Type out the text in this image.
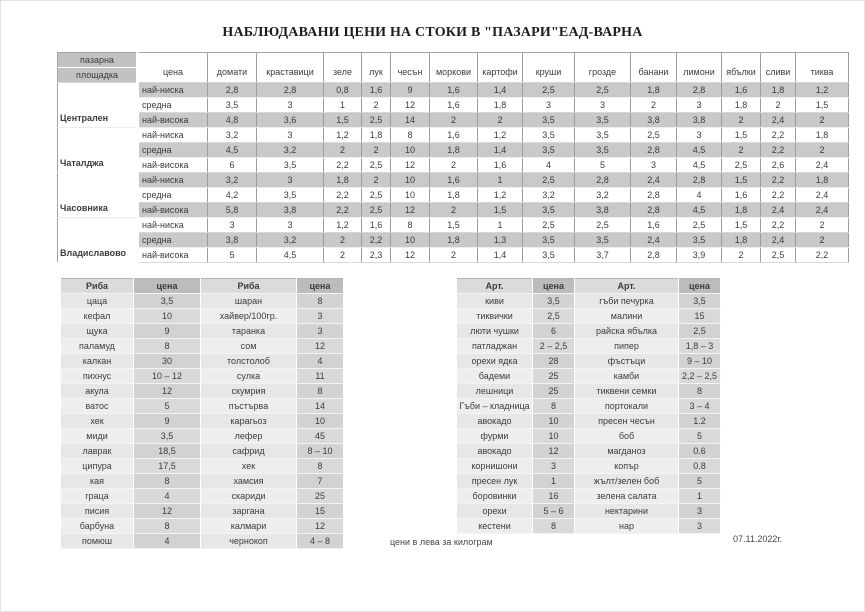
НАБЛЮДАВАНИ ЦЕНИ НА СТОКИ В "ПАЗАРИ"ЕАД-ВАРНА
пазарна	цена	домати	краставици	зеле	лук	чесън	моркови	картофи	круши	грозде	банани	лимони	ябълки	сливи	тиква
площадка															
Централен	най-ниска	2,8	2,8	0,8	1,6	9	1,6	1,4	2,5	2,5	1,8	2,8	1,6	1,8	1,2
	средна	3,5	3	1	2	12	1,6	1,8	3	3	2	3	1,8	2	1,5
	най-висока	4,8	3,6	1,5	2,5	14	2	2	3,5	3,5	3,8	3,8	2	2,4	2
Чаталджа	най-ниска	3,2	3	1,2	1,8	8	1,6	1,2	3,5	3,5	2,5	3	1,5	2,2	1,8
	средна	4,5	3,2	2	2	10	1,8	1,4	3,5	3,5	2,8	4,5	2	2,2	2
	най-висока	6	3,5	2,2	2,5	12	2	1,6	4	5	3	4,5	2,5	2,6	2,4
Часовника	най-ниска	3,2	3	1,8	2	10	1,6	1	2,5	2,8	2,4	2,8	1,5	2,2	1,8
	средна	4,2	3,5	2,2	2,5	10	1,8	1,2	3,2	3,2	2,8	4	1,6	2,2	2,4
	най-висока	5,8	3,8	2,2	2,5	12	2	1,5	3,5	3,8	2,8	4,5	1,8	2,4	2,4
Владиславово	най-ниска	3	3	1,2	1,6	8	1,5	1	2,5	2,5	1,6	2,5	1,5	2,2	2
	средна	3,8	3,2	2	2,2	10	1,8	1,3	3,5	3,5	2,4	3,5	1,8	2,4	2
	най-висока	5	4,5	2	2,3	12	2	1,4	3,5	3,7	2,8	3,9	2	2,5	2,2
Риба	цена	Риба	цена
цаца	3,5	шаран	8
кефал	10	хайвер/100гр.	3
щука	9	таранка	3
паламуд	8	сом	12
калкан	30	толстолоб	4
пихнус	10 – 12	сулка	11
акула	12	скумрия	8
ватос	5	пъстърва	14
хек	9	карагьоз	10
миди	3,5	лефер	45
лаврак	18,5	сафрид	8 – 10
ципура	17,5	хек	8
кая	8	хамсия	7
граца	4	скариди	25
писия	12	заргана	15
барбуна	8	калмари	12
помюш	4	чернокоп	4 – 8
Арт.	цена	Арт.	цена
киви	3,5	гъби печурка	3,5
тиквички	2,5	малини	15
люти чушки	6	райска ябълка	2,5
патладжан	2 – 2,5	пипер	1,8 – 3
орехи ядка	28	фъстъци	9 – 10
бадеми	25	камби	2,2 – 2,5
лешници	25	тиквени семки	8
Гъби – кладница	8	портокали	3 – 4
авокадо	10	пресен чесън	1.2
фурми	10	боб	5
авокадо	12	магданоз	0.6
корнишони	3	копър	0.8
пресен лук	1	жълт/зелен боб	5
боровинки	16	зелена салата	1
орехи	5 – 6	нектарини	3
кестени	8	нар	3
цени в лева за килограм	07.11.2022г.
